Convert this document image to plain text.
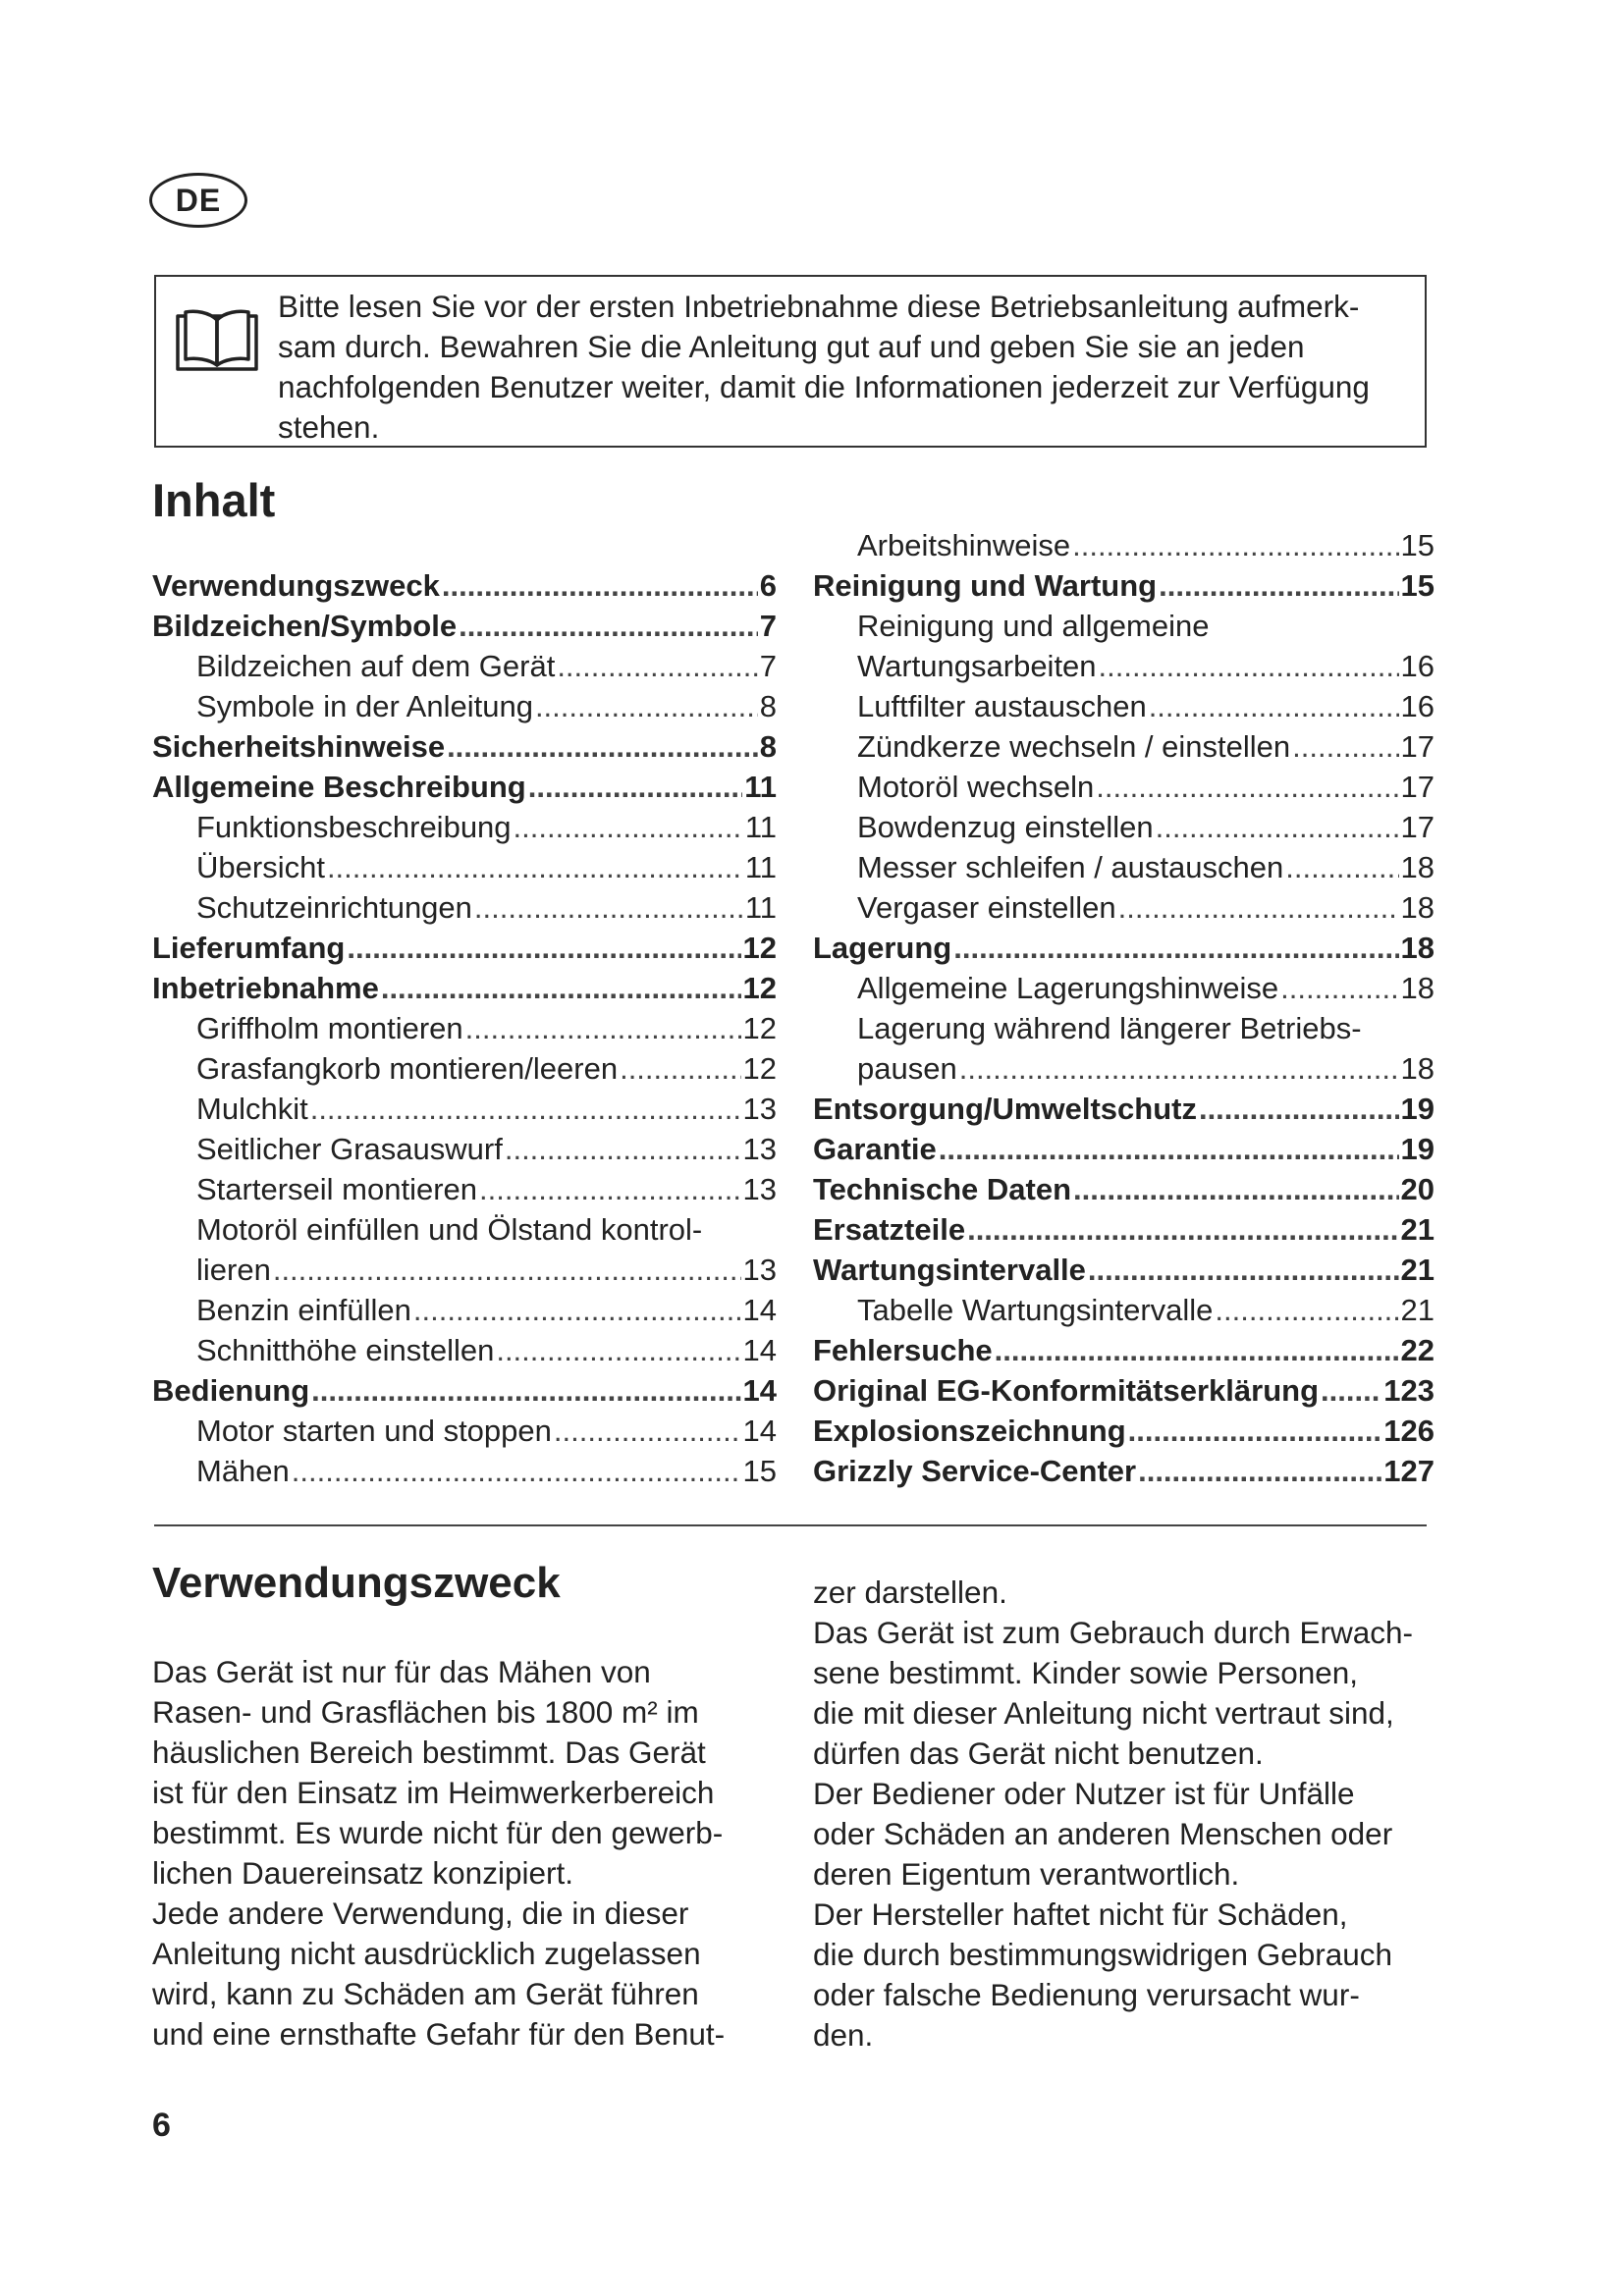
DE
Bitte lesen Sie vor der ersten Inbetriebnahme diese Betriebsanleitung aufmerk-
sam durch. Bewahren Sie die Anleitung gut auf und geben Sie sie an jeden
nachfolgenden Benutzer weiter, damit die Informationen jederzeit zur Verfügung
stehen.
Inhalt
Verwendungszweck .....	6
Bildzeichen/Symbole .....	7
Bildzeichen auf dem Gerät .....	7
Symbole in der Anleitung .....	8
Sicherheitshinweise .....	8
Allgemeine Beschreibung .....	11
Funktionsbeschreibung .....	11
Übersicht .....	11
Schutzeinrichtungen .....	11
Lieferumfang .....	12
Inbetriebnahme .....	12
Griffholm montieren .....	12
Grasfangkorb montieren/leeren .....	12
Mulchkit .....	13
Seitlicher Grasauswurf .....	13
Starterseil montieren .....	13
Motoröl einfüllen und Ölstand kontrol-
lieren .....	13
Benzin einfüllen .....	14
Schnitthöhe einstellen .....	14
Bedienung .....	14
Motor starten und stoppen .....	14
Mähen .....	15
Arbeitshinweise .....	15
Reinigung und Wartung .....	15
Reinigung und allgemeine
Wartungsarbeiten .....	16
Luftfilter austauschen .....	16
Zündkerze wechseln / einstellen .....	17
Motoröl wechseln .....	17
Bowdenzug einstellen .....	17
Messer schleifen / austauschen .....	18
Vergaser einstellen .....	18
Lagerung .....	18
Allgemeine Lagerungshinweise .....	18
Lagerung während längerer Betriebs-
pausen .....	18
Entsorgung/Umweltschutz .....	19
Garantie .....	19
Technische Daten .....	20
Ersatzteile .....	21
Wartungsintervalle .....	21
Tabelle Wartungsintervalle .....	21
Fehlersuche .....	22
Original EG-Konformitätserklärung ..... 123
Explosionszeichnung .....	126
Grizzly Service-Center .....	127
Verwendungszweck

Das Gerät ist nur für das Mähen von

Rasen- und Grasflächen bis 1800 m² im

häuslichen Bereich bestimmt. Das Gerät

ist für den Einsatz im Heimwerkerbereich

bestimmt. Es wurde nicht für den gewerb-

lichen Dauereinsatz konzipiert.

Jede andere Verwendung, die in dieser

Anleitung nicht ausdrücklich zugelassen

wird, kann zu Schäden am Gerät führen

und eine ernsthafte Gefahr für den Benut-

zer darstellen.

Das Gerät ist zum Gebrauch durch Erwach-

sene bestimmt. Kinder sowie Personen,

die mit dieser Anleitung nicht vertraut sind,

dürfen das Gerät nicht benutzen.

Der Bediener oder Nutzer ist für Unfälle

oder Schäden an anderen Menschen oder

deren Eigentum verantwortlich.

Der Hersteller haftet nicht für Schäden,

die durch bestimmungswidrigen Gebrauch

oder falsche Bedienung verursacht wur-

den.

6
